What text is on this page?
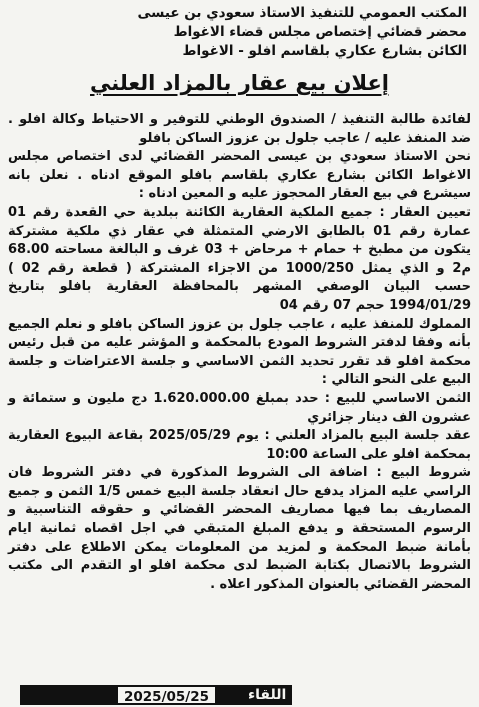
المكتب العمومي للتنفيذ الاستاذ سعودي بن عيسى
محضر قضائي إختصاص مجلس قضاء الاغواط
الكائن بشارع عكاري بلقاسم افلو - الاغواط
إعلان بيع عقار بالمزاد العلني

لفائدة طالبة التنفيذ / الصندوق الوطني للتوفير و الاحتياط وكالة افلو . ضد المنفذ عليه / عاجب جلول بن عزوز الساكن بافلو

نحن الاستاذ سعودي بن عيسى المحضر القضائي لدى اختصاص مجلس الاغواط الكائن بشارع عكاري بلقاسم بافلو الموقع ادناه . نعلن بانه سيشرع في بيع العقار المحجوز عليه و المعين ادناه :

تعيين العقار : جميع الملكية العقارية الكائنة ببلدية حي القعدة رقم 01 عمارة رقم 01 بالطابق الارضي المتمثلة في عقار ذي ملكية مشتركة يتكون من مطبخ + حمام + مرحاض + 03 غرف و البالغة مساحته 68.00 م2 و الذي يمثل 1000/250 من الاجزاء المشتركة ( قطعة رقم 02 ) حسب البيان الوصفي المشهر بالمحافظة العقارية بافلو بتاريخ 1994/01/29 حجم 07 رقم 04

المملوك للمنفذ عليه ، عاجب جلول بن عزوز الساكن بافلو و نعلم الجميع بأنه وفقا لدفتر الشروط المودع بالمحكمة و المؤشر عليه من قبل رئيس محكمة افلو قد تقرر تحديد الثمن الاساسي و جلسة الاعتراضات و جلسة البيع على النحو التالي :

الثمن الاساسي للبيع : حدد بمبلغ 1.620.000.00 دج مليون و ستمائة و عشرون الف دينار جزائري

عقد جلسة البيع بالمزاد العلني : يوم 2025/05/29 بقاعة البيوع العقارية بمحكمة افلو على الساعة 10:00

شروط البيع : اضافة الى الشروط المذكورة في دفتر الشروط فان الراسي عليه المزاد يدفع حال انعقاد جلسة البيع خمس 1/5 الثمن و جميع المصاريف بما فيها مصاريف المحضر القضائي و حقوقه التناسبية و الرسوم المستحقة و يدفع المبلغ المتبقي في اجل اقصاه ثمانية ايام بأمانة ضبط المحكمة و لمزيد من المعلومات يمكن الاطلاع على دفتر الشروط بالاتصال بكتابة الضبط لدى محكمة افلو او التقدم الى مكتب المحضر القضائي بالعنوان المذكور اعلاه .

2025/05/25	اللقاء
